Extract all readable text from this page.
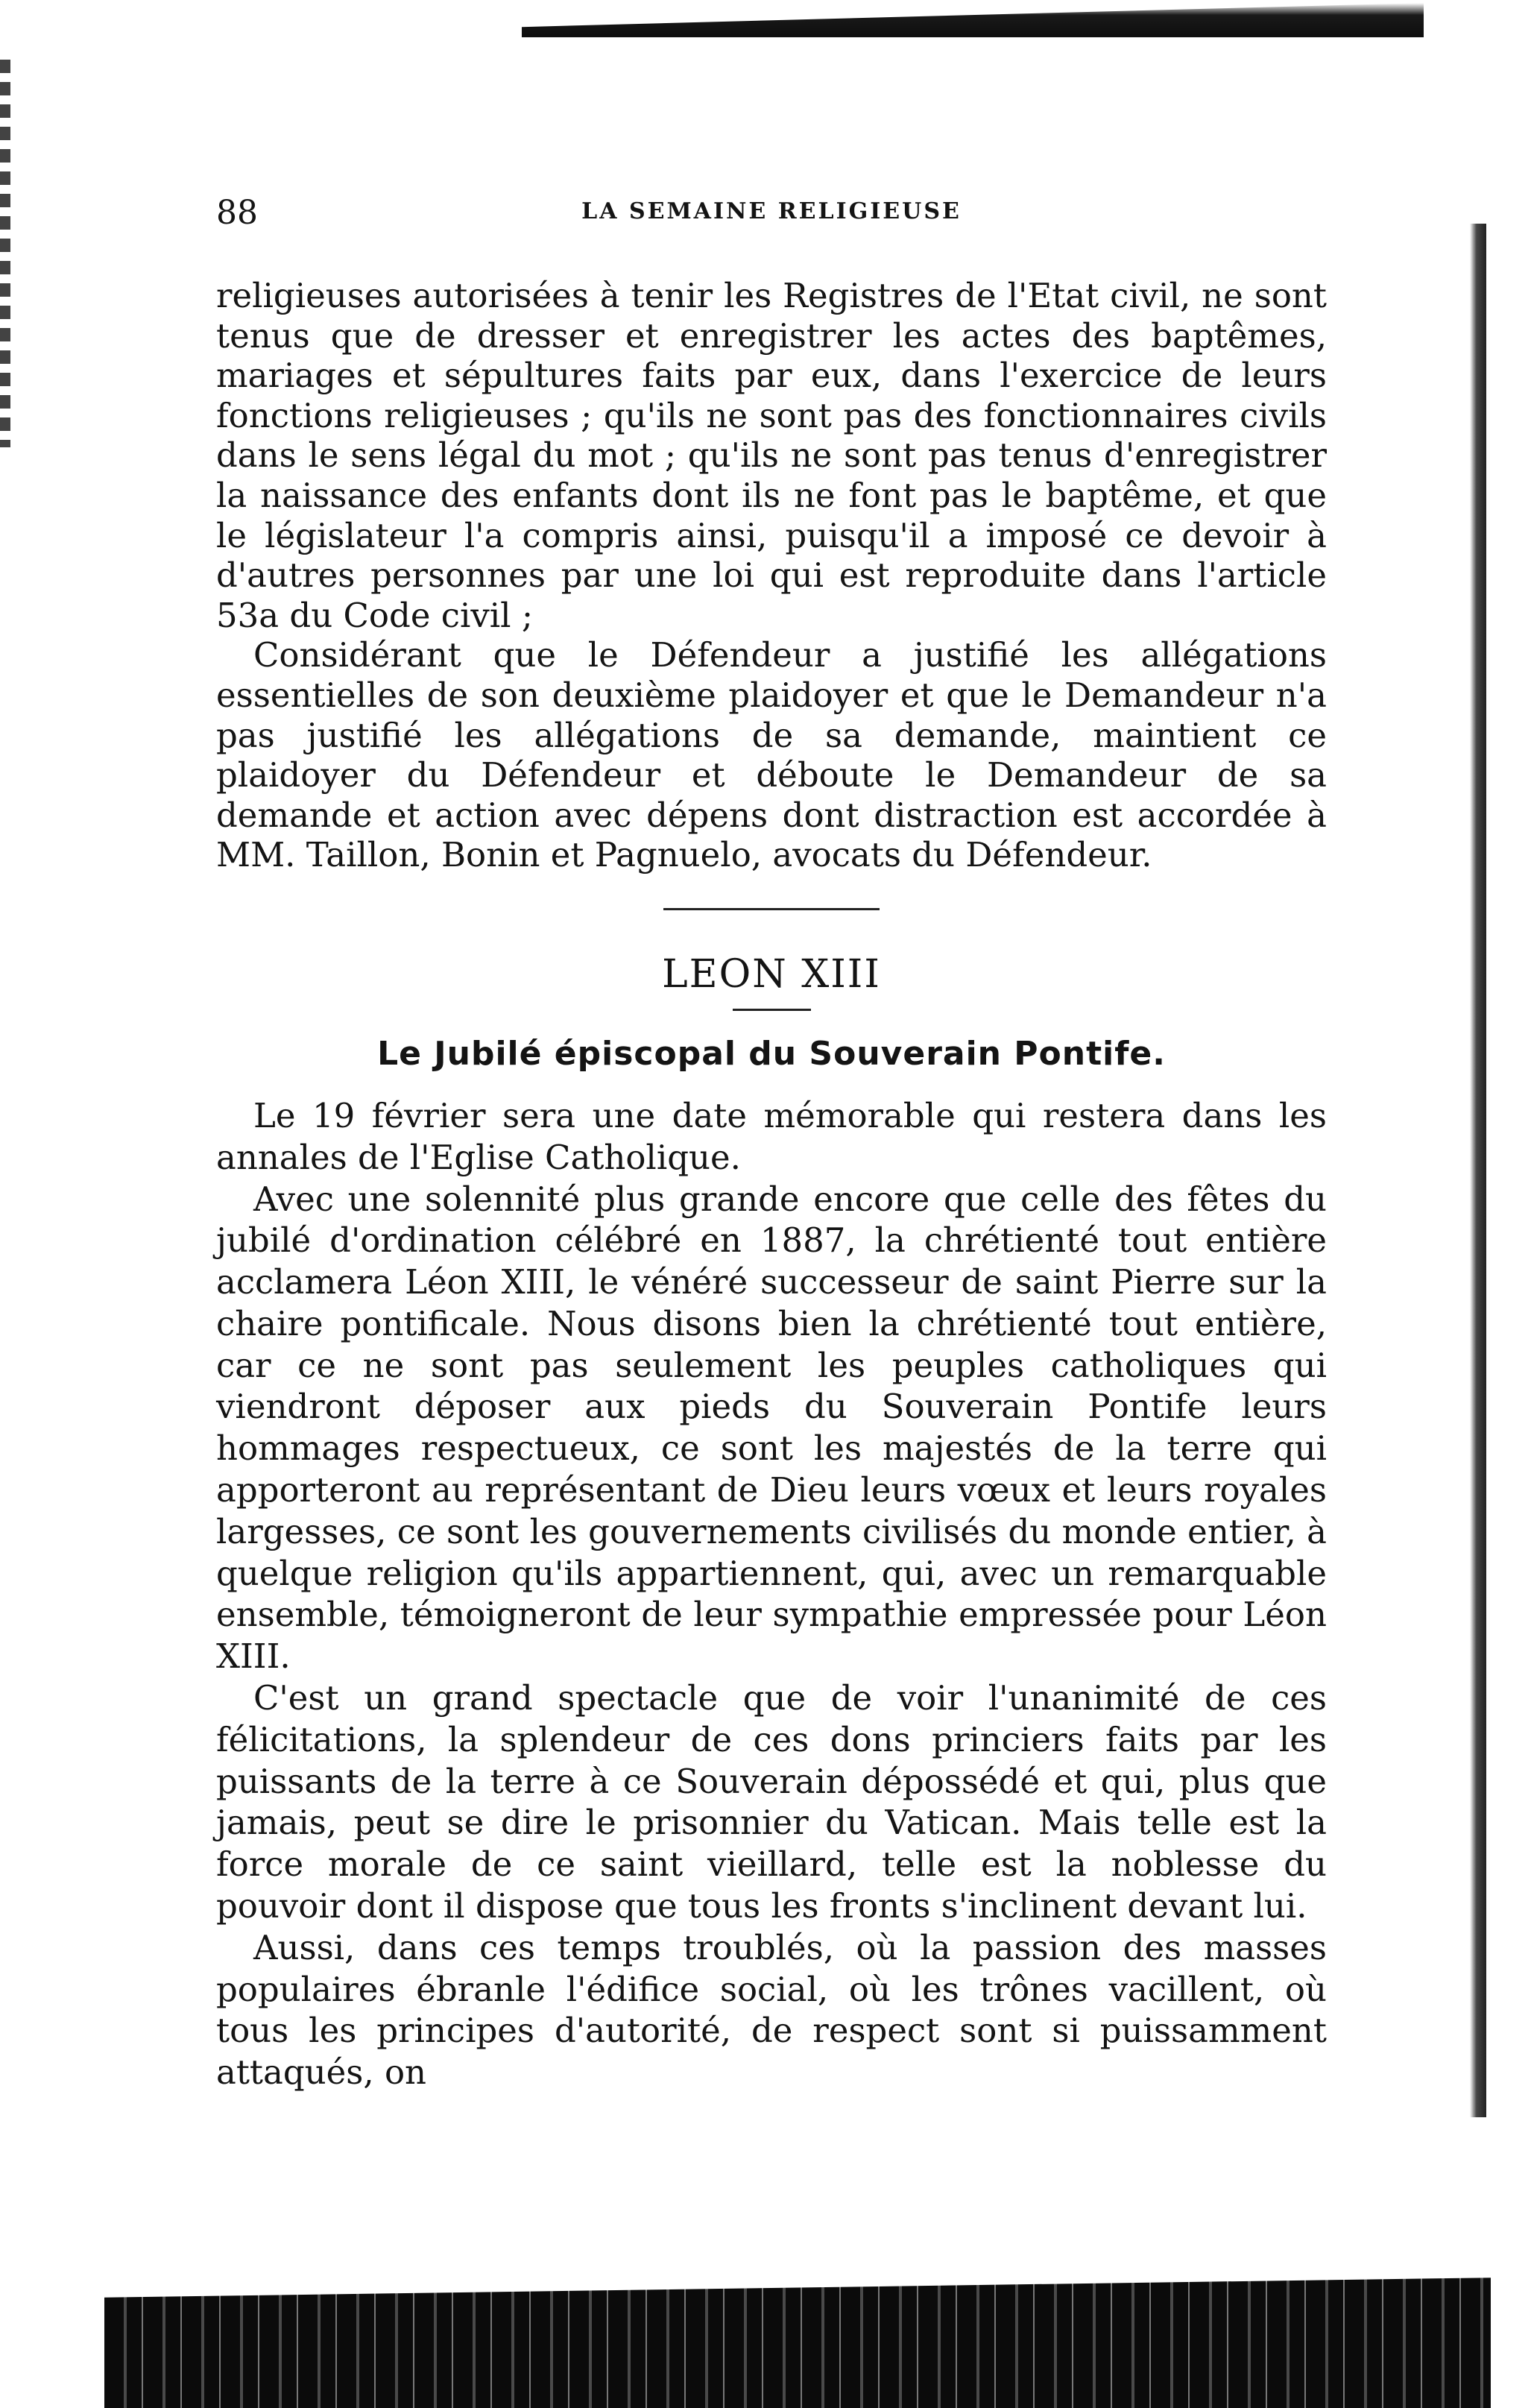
88	LA SEMAINE RELIGIEUSE

religieuses autorisées à tenir les Registres de l'Etat civil, ne sont tenus que de dresser et enregistrer les actes des baptêmes, mariages et sépultures faits par eux, dans l'exercice de leurs fonctions religieuses ; qu'ils ne sont pas des fonctionnaires civils dans le sens légal du mot ; qu'ils ne sont pas tenus d'enregistrer la naissance des enfants dont ils ne font pas le baptême, et que le législateur l'a compris ainsi, puisqu'il a imposé ce devoir à d'autres personnes par une loi qui est reproduite dans l'article 53a du Code civil ;

Considérant que le Défendeur a justifié les allégations essentielles de son deuxième plaidoyer et que le Demandeur n'a pas justifié les allégations de sa demande, maintient ce plaidoyer du Défendeur et déboute le Demandeur de sa demande et action avec dépens dont distraction est accordée à MM. Taillon, Bonin et Pagnuelo, avocats du Défendeur.

LEON XIII
Le Jubilé épiscopal du Souverain Pontife.

Le 19 février sera une date mémorable qui restera dans les annales de l'Eglise Catholique.

Avec une solennité plus grande encore que celle des fêtes du jubilé d'ordination célébré en 1887, la chrétienté tout entière acclamera Léon XIII, le vénéré successeur de saint Pierre sur la chaire pontificale. Nous disons bien la chrétienté tout entière, car ce ne sont pas seulement les peuples catholiques qui viendront déposer aux pieds du Souverain Pontife leurs hommages respectueux, ce sont les majestés de la terre qui apporteront au représentant de Dieu leurs vœux et leurs royales largesses, ce sont les gouvernements civilisés du monde entier, à quelque religion qu'ils appartiennent, qui, avec un remarquable ensemble, témoigneront de leur sympathie empressée pour Léon XIII.

C'est un grand spectacle que de voir l'unanimité de ces félicitations, la splendeur de ces dons princiers faits par les puissants de la terre à ce Souverain dépossédé et qui, plus que jamais, peut se dire le prisonnier du Vatican. Mais telle est la force morale de ce saint vieillard, telle est la noblesse du pouvoir dont il dispose que tous les fronts s'inclinent devant lui.

Aussi, dans ces temps troublés, où la passion des masses populaires ébranle l'édifice social, où les trônes vacillent, où tous les principes d'autorité, de respect sont si puissamment attaqués, on
